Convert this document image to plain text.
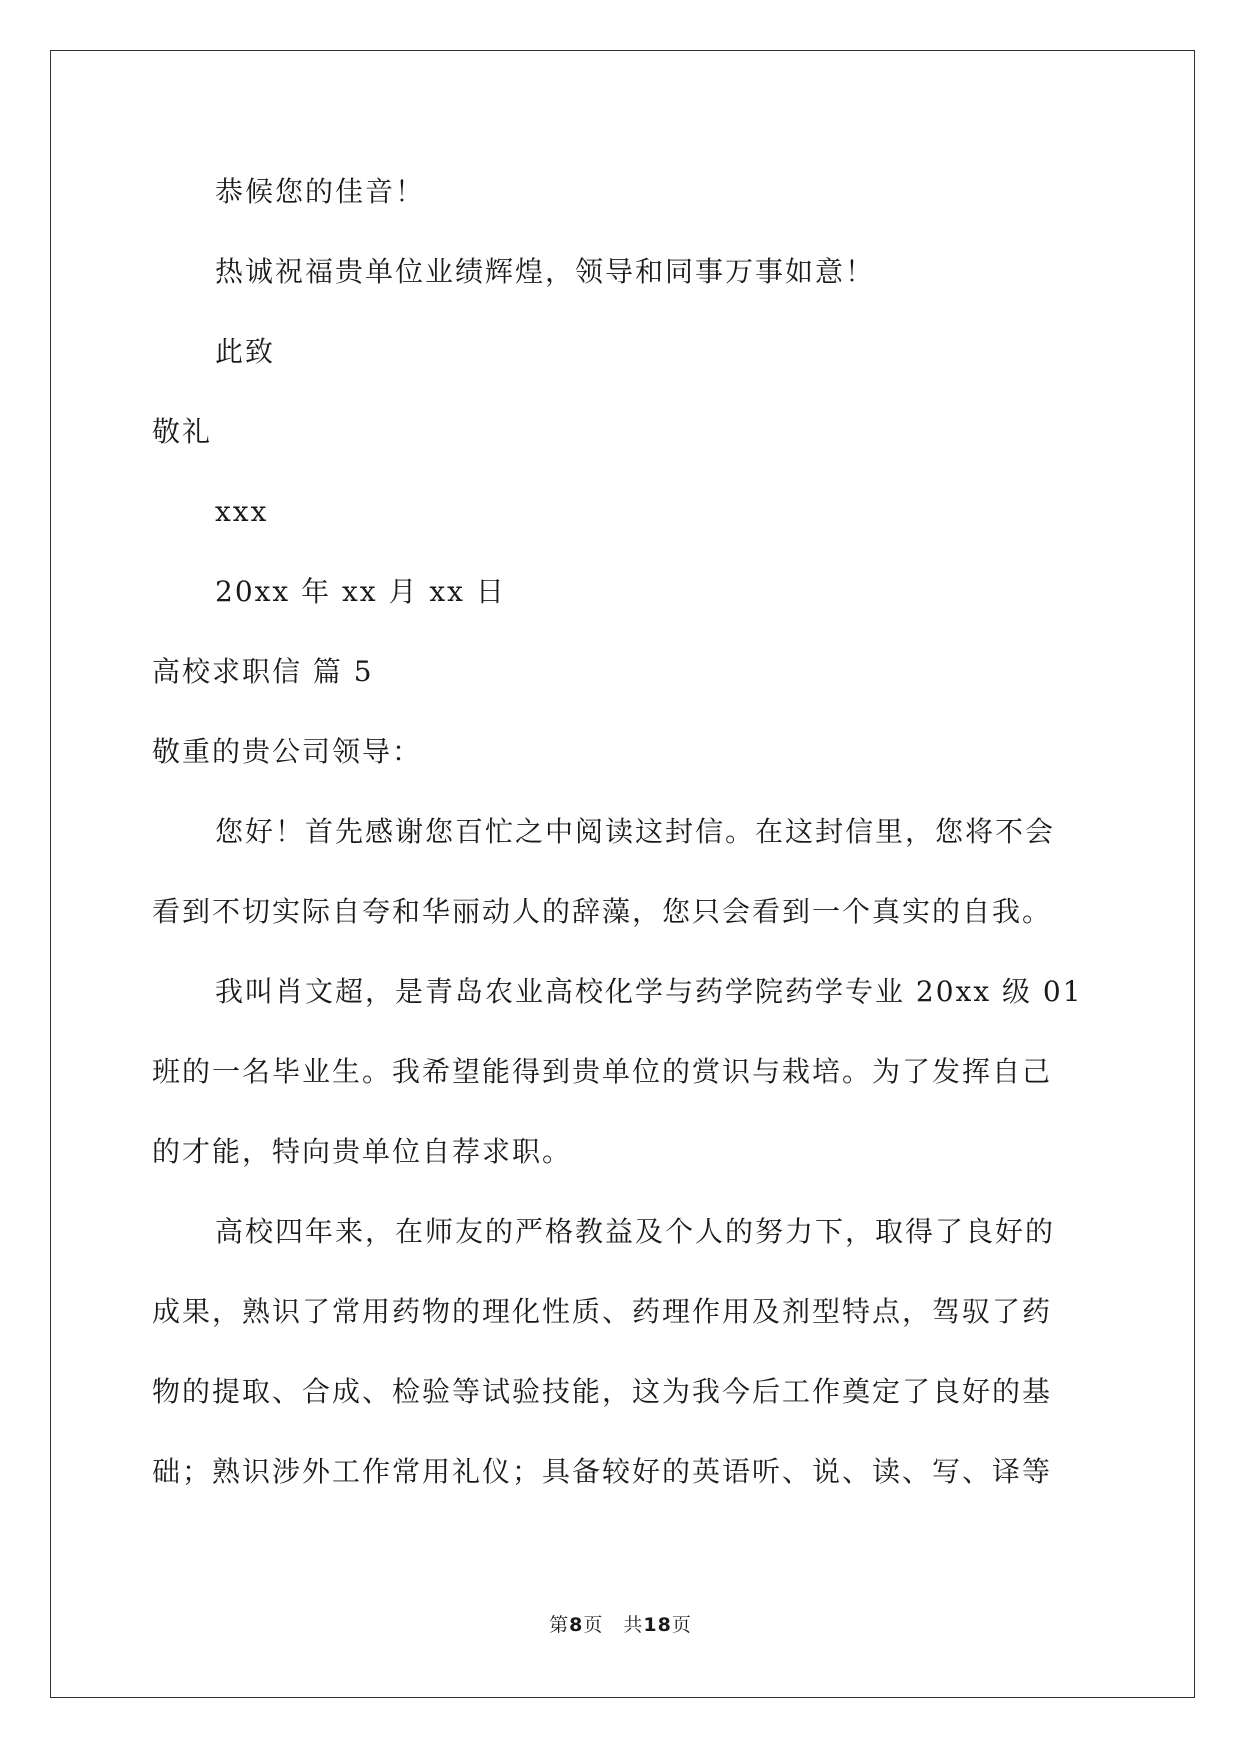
恭候您的佳音！
热诚祝福贵单位业绩辉煌，领导和同事万事如意！
此致
敬礼
xxx
20xx 年 xx 月 xx 日
高校求职信 篇 5
敬重的贵公司领导：
您好！首先感谢您百忙之中阅读这封信。在这封信里，您将不会
看到不切实际自夸和华丽动人的辞藻，您只会看到一个真实的自我。
我叫肖文超，是青岛农业高校化学与药学院药学专业 20xx 级 01
班的一名毕业生。我希望能得到贵单位的赏识与栽培。为了发挥自己
的才能，特向贵单位自荐求职。
高校四年来，在师友的严格教益及个人的努力下，取得了良好的
成果，熟识了常用药物的理化性质、药理作用及剂型特点，驾驭了药
物的提取、合成、检验等试验技能，这为我今后工作奠定了良好的基
础；熟识涉外工作常用礼仪；具备较好的英语听、说、读、写、译等
第8页　共18页
